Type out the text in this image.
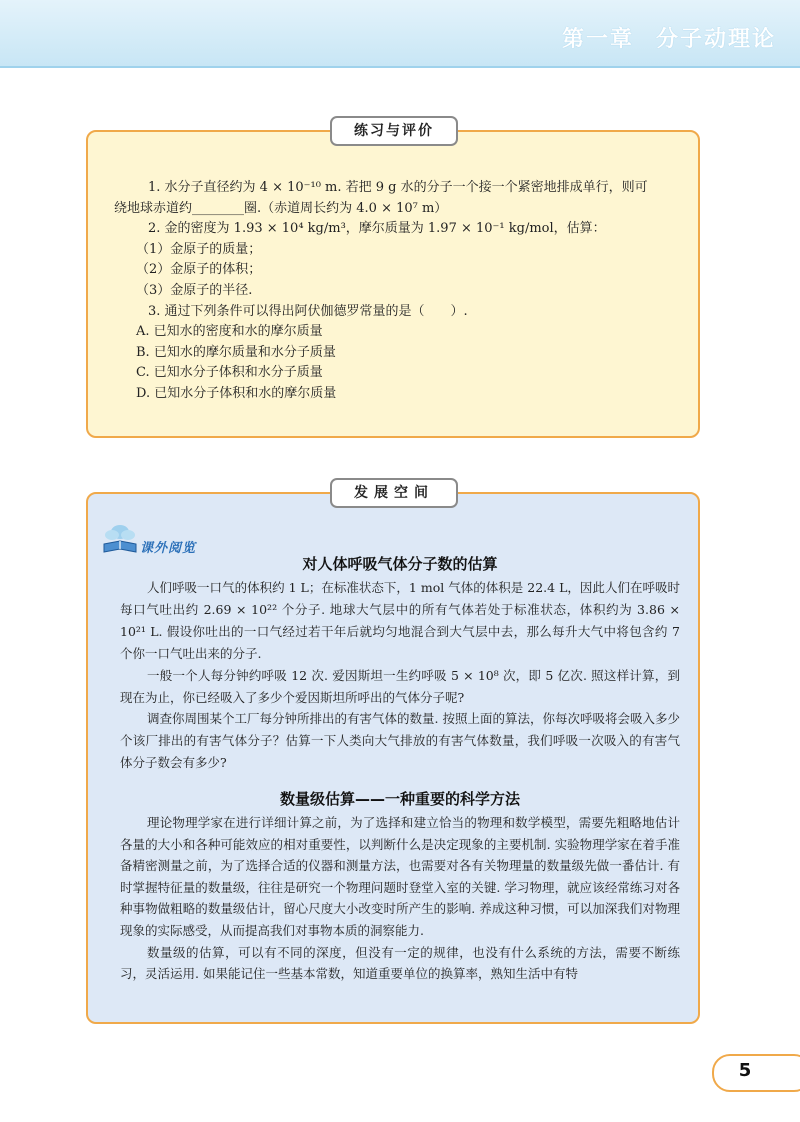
第一章 分子动理论
练习与评价

1. 水分子直径约为 4 × 10⁻¹⁰ m. 若把 9 g 水的分子一个接一个紧密地排成单行，则可

绕地球赤道约________圈.（赤道周长约为 4.0 × 10⁷ m）

2. 金的密度为 1.93 × 10⁴ kg/m³，摩尔质量为 1.97 × 10⁻¹ kg/mol，估算：

（1）金原子的质量；

（2）金原子的体积；

（3）金原子的半径.

3. 通过下列条件可以得出阿伏伽德罗常量的是（　　）.

A. 已知水的密度和水的摩尔质量

B. 已知水的摩尔质量和水分子质量

C. 已知水分子体积和水分子质量

D. 已知水分子体积和水的摩尔质量

发展空间
课外阅览
对人体呼吸气体分子数的估算

人们呼吸一口气的体积约 1 L；在标准状态下，1 mol 气体的体积是 22.4 L，因此人们在呼吸时每口气吐出约 2.69 × 10²² 个分子. 地球大气层中的所有气体若处于标准状态，体积约为 3.86 × 10²¹ L. 假设你吐出的一口气经过若干年后就均匀地混合到大气层中去，那么每升大气中将包含约 7 个你一口气吐出来的分子.

一般一个人每分钟约呼吸 12 次. 爱因斯坦一生约呼吸 5 × 10⁸ 次，即 5 亿次. 照这样计算，到现在为止，你已经吸入了多少个爱因斯坦所呼出的气体分子呢?

调查你周围某个工厂每分钟所排出的有害气体的数量. 按照上面的算法，你每次呼吸将会吸入多少个该厂排出的有害气体分子？估算一下人类向大气排放的有害气体数量，我们呼吸一次吸入的有害气体分子数会有多少?

数量级估算——一种重要的科学方法

理论物理学家在进行详细计算之前，为了选择和建立恰当的物理和数学模型，需要先粗略地估计各量的大小和各种可能效应的相对重要性，以判断什么是决定现象的主要机制. 实验物理学家在着手准备精密测量之前，为了选择合适的仪器和测量方法，也需要对各有关物理量的数量级先做一番估计. 有时掌握特征量的数量级，往往是研究一个物理问题时登堂入室的关键. 学习物理，就应该经常练习对各种事物做粗略的数量级估计，留心尺度大小改变时所产生的影响. 养成这种习惯，可以加深我们对物理现象的实际感受，从而提高我们对事物本质的洞察能力.

数量级的估算，可以有不同的深度，但没有一定的规律，也没有什么系统的方法，需要不断练习，灵活运用. 如果能记住一些基本常数，知道重要单位的换算率，熟知生活中有特

5
